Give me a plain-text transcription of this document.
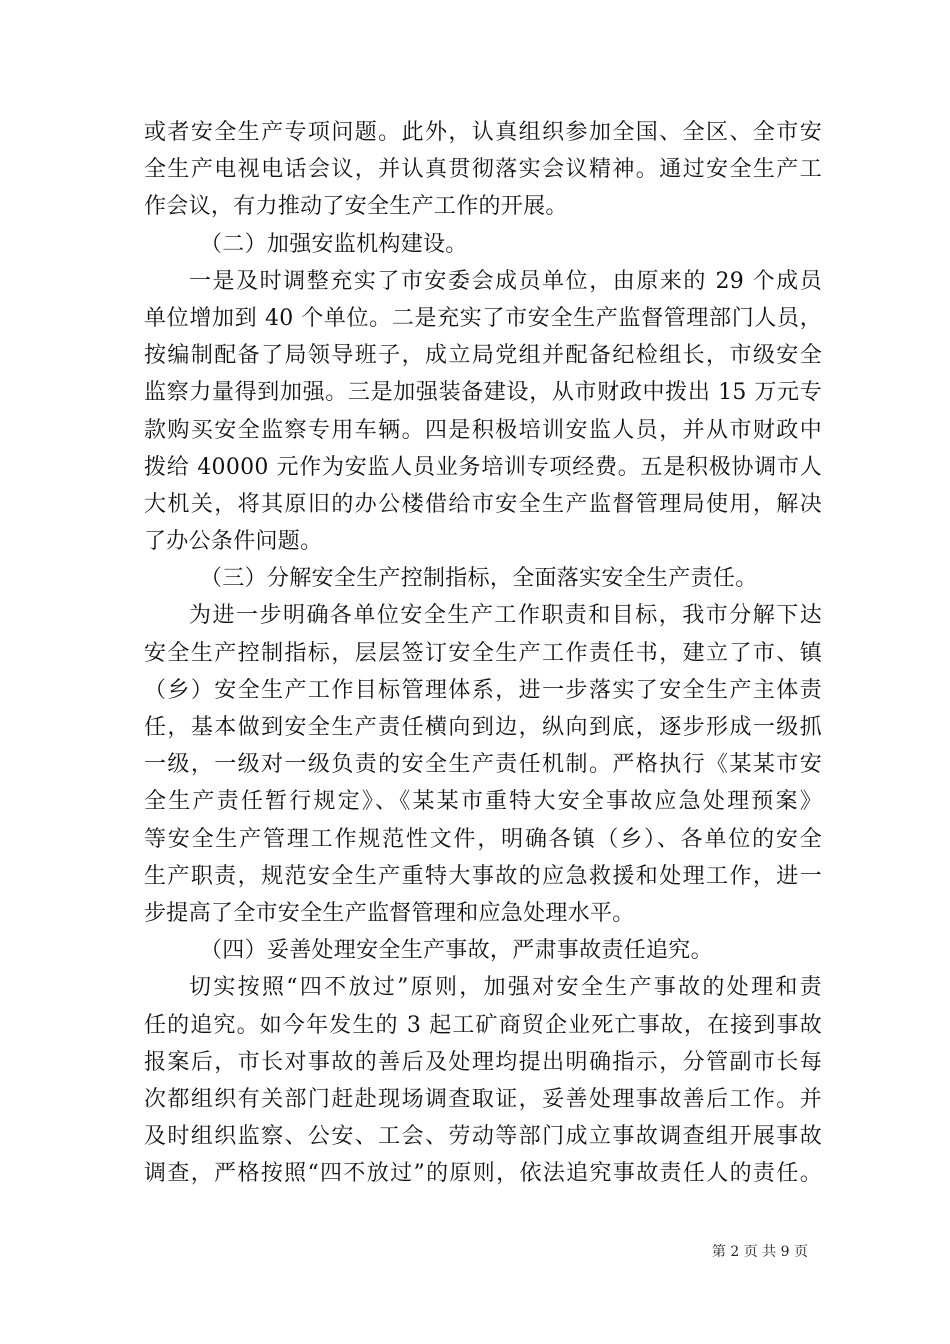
或者安全生产专项问题。此外，认真组织参加全国、全区、全市安
全生产电视电话会议，并认真贯彻落实会议精神。通过安全生产工
作会议，有力推动了安全生产工作的开展。
（二）加强安监机构建设。
一是及时调整充实了市安委会成员单位，由原来的 29 个成员
单位增加到 40 个单位。二是充实了市安全生产监督管理部门人员，
按编制配备了局领导班子，成立局党组并配备纪检组长，市级安全
监察力量得到加强。三是加强装备建设，从市财政中拨出 15 万元专
款购买安全监察专用车辆。四是积极培训安监人员，并从市财政中
拨给 40000 元作为安监人员业务培训专项经费。五是积极协调市人
大机关，将其原旧的办公楼借给市安全生产监督管理局使用，解决
了办公条件问题。
（三）分解安全生产控制指标，全面落实安全生产责任。
为进一步明确各单位安全生产工作职责和目标，我市分解下达
安全生产控制指标，层层签订安全生产工作责任书，建立了市、镇
（乡）安全生产工作目标管理体系，进一步落实了安全生产主体责
任，基本做到安全生产责任横向到边，纵向到底，逐步形成一级抓
一级，一级对一级负责的安全生产责任机制。严格执行《某某市安
全生产责任暂行规定》、《某某市重特大安全事故应急处理预案》
等安全生产管理工作规范性文件，明确各镇（乡）、各单位的安全
生产职责，规范安全生产重特大事故的应急救援和处理工作，进一
步提高了全市安全生产监督管理和应急处理水平。
（四）妥善处理安全生产事故，严肃事故责任追究。
切实按照“四不放过”原则，加强对安全生产事故的处理和责
任的追究。如今年发生的 3 起工矿商贸企业死亡事故，在接到事故
报案后，市长对事故的善后及处理均提出明确指示，分管副市长每
次都组织有关部门赶赴现场调查取证，妥善处理事故善后工作。并
及时组织监察、公安、工会、劳动等部门成立事故调查组开展事故
调查，严格按照“四不放过”的原则，依法追究事故责任人的责任。
第 2 页 共 9 页
